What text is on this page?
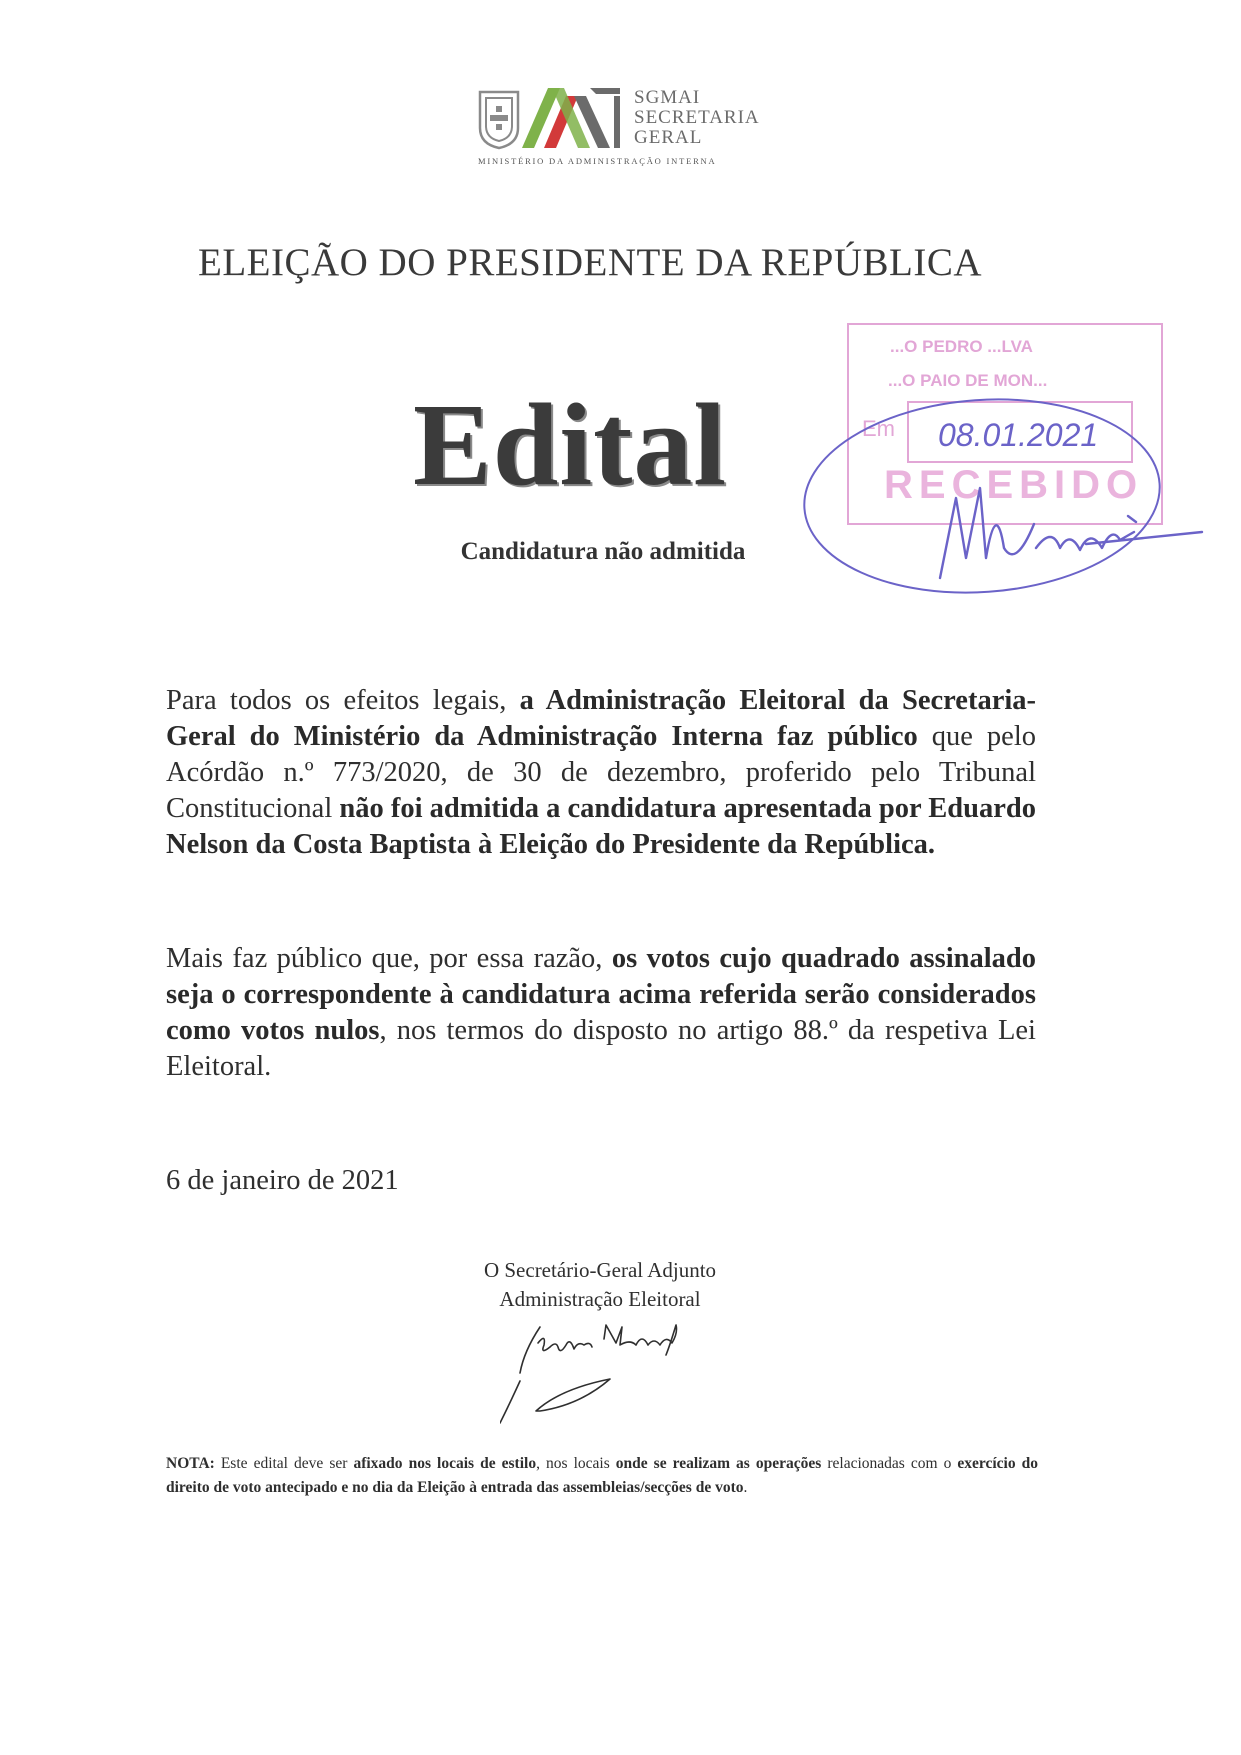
SGMAI
SECRETARIA
GERAL
MINISTÉRIO DA ADMINISTRAÇÃO INTERNA
ELEIÇÃO DO PRESIDENTE DA REPÚBLICA
Edital
Candidatura não admitida
...O PEDRO ...LVA
...O PAIO DE MON...
Em 08.01.2021
RECEBIDO
Para todos os efeitos legais, a Administração Eleitoral da Secretaria-Geral do Ministério da Administração Interna faz público que pelo Acórdão n.º 773/2020, de 30 de dezembro, proferido pelo Tribunal Constitucional não foi admitida a candidatura apresentada por Eduardo Nelson da Costa Baptista à Eleição do Presidente da República.
Mais faz público que, por essa razão, os votos cujo quadrado assinalado seja o correspondente à candidatura acima referida serão considerados como votos nulos, nos termos do disposto no artigo 88.º da respetiva Lei Eleitoral.
6 de janeiro de 2021
O Secretário-Geral Adjunto
Administração Eleitoral
NOTA: Este edital deve ser afixado nos locais de estilo, nos locais onde se realizam as operações relacionadas com o exercício do direito de voto antecipado e no dia da Eleição à entrada das assembleias/secções de voto.
